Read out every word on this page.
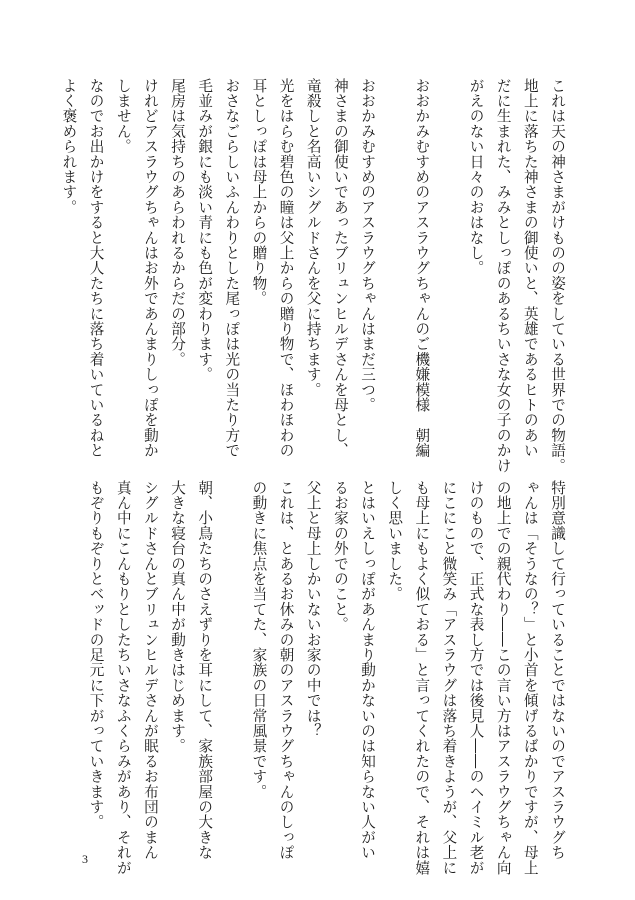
これは天の神さまがけものの姿をしている世界での物語。

地上に落ちた神さまの御使いと、英雄であるヒトのあい

だに生まれた、みみとしっぽのあるちいさな女の子のかけ

がえのない日々のおはなし。

おおかみむすめのアスラウグちゃんのご機嫌模様　朝編

おおかみむすめのアスラウグちゃんはまだ三つ。

神さまの御使いであったブリュンヒルデさんを母とし、

竜殺しと名高いシグルドさんを父に持ちます。

光をはらむ碧色の瞳は父上からの贈り物で、ほわほわの

耳としっぽは母上からの贈り物。

おさなごらしいふんわりとした尾っぽは光の当たり方で

毛並みが銀にも淡い青にも色が変わります。

尾房は気持ちのあらわれるからだの部分。

けれどアスラウグちゃんはお外であんまりしっぽを動か

しません。

なのでお出かけをすると大人たちに落ち着いているねと

よく褒められます。

特別意識して行っていることではないのでアスラウグち

ゃんは「そうなの？」と小首を傾げるばかりですが、母上

の地上での親代わり――この言い方はアスラウグちゃん向

けのもので、正式な表し方では後見人――のヘイミル老が

にこにこと微笑み「アスラウグは落ち着きようが、父上に

も母上にもよく似ておる」と言ってくれたので、それは嬉

しく思いました。

とはいえしっぽがあんまり動かないのは知らない人がい

るお家の外でのこと。

父上と母上しかいないお家の中では？

これは、とあるお休みの朝のアスラウグちゃんのしっぽ

の動きに焦点を当てた、家族の日常風景です。

朝、小鳥たちのさえずりを耳にして、家族部屋の大きな

大きな寝台の真ん中が動きはじめます。

シグルドさんとブリュンヒルデさんが眠るお布団のまん

真ん中にこんもりとしたちいさなふくらみがあり、それが

もぞりもぞりとベッドの足元に下がっていきます。

3
